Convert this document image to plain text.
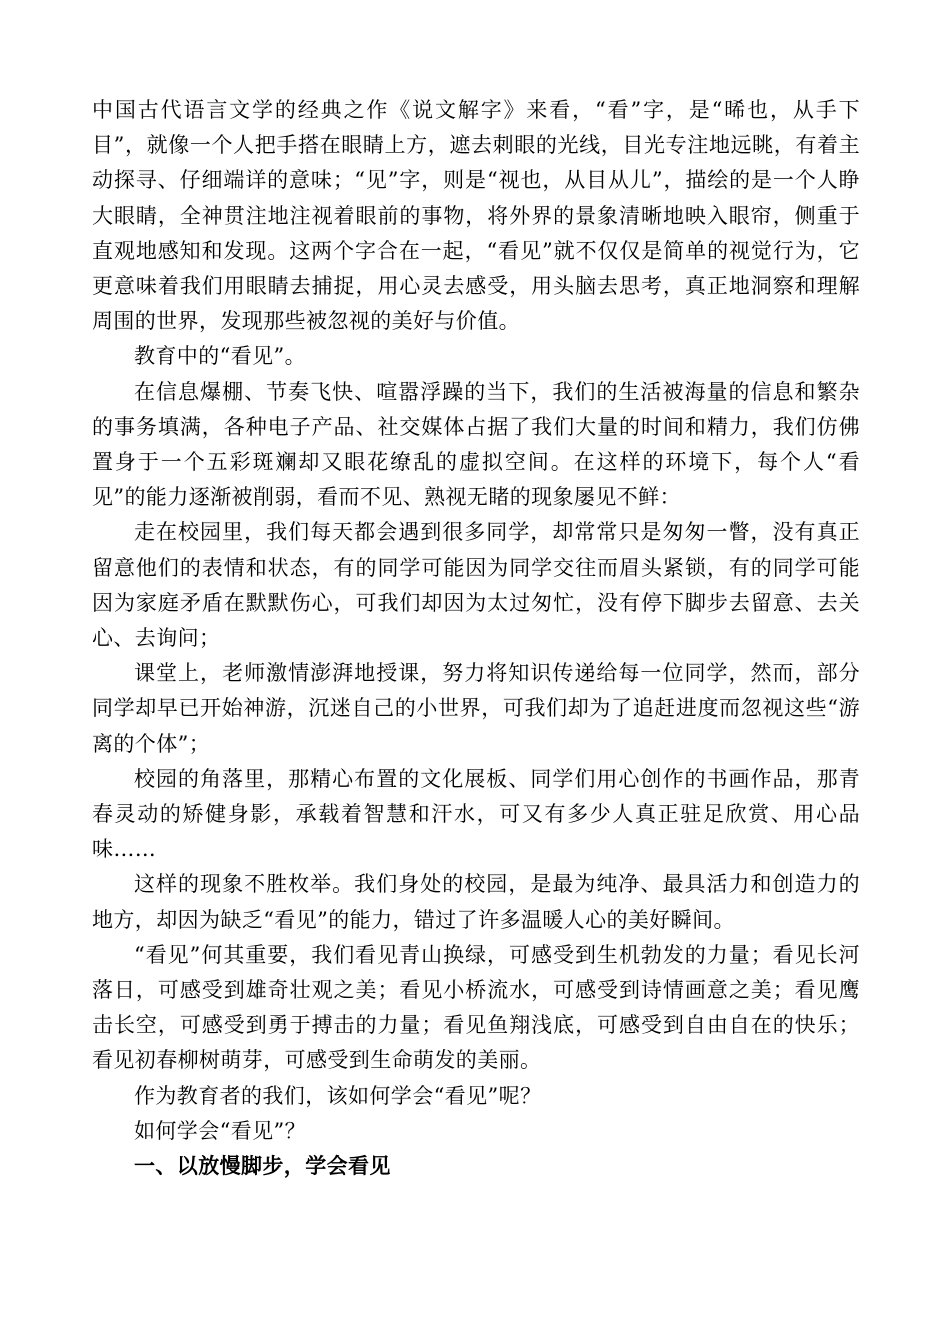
中国古代语言文学的经典之作《说文解字》来看，“看”字，是“晞也，从手下目”，就像一个人把手搭在眼睛上方，遮去刺眼的光线，目光专注地远眺，有着主动探寻、仔细端详的意味；“见”字，则是“视也，从目从儿”，描绘的是一个人睁大眼睛，全神贯注地注视着眼前的事物，将外界的景象清晰地映入眼帘，侧重于直观地感知和发现。这两个字合在一起，“看见”就不仅仅是简单的视觉行为，它更意味着我们用眼睛去捕捉，用心灵去感受，用头脑去思考，真正地洞察和理解周围的世界，发现那些被忽视的美好与价值。

教育中的“看见”。

在信息爆棚、节奏飞快、喧嚣浮躁的当下，我们的生活被海量的信息和繁杂的事务填满，各种电子产品、社交媒体占据了我们大量的时间和精力，我们仿佛置身于一个五彩斑斓却又眼花缭乱的虚拟空间。在这样的环境下，每个人“看见”的能力逐渐被削弱，看而不见、熟视无睹的现象屡见不鲜：

走在校园里，我们每天都会遇到很多同学，却常常只是匆匆一瞥，没有真正留意他们的表情和状态，有的同学可能因为同学交往而眉头紧锁，有的同学可能因为家庭矛盾在默默伤心，可我们却因为太过匆忙，没有停下脚步去留意、去关心、去询问；

课堂上，老师激情澎湃地授课，努力将知识传递给每一位同学，然而，部分同学却早已开始神游，沉迷自己的小世界，可我们却为了追赶进度而忽视这些“游离的个体”；

校园的角落里，那精心布置的文化展板、同学们用心创作的书画作品，那青春灵动的矫健身影，承载着智慧和汗水，可又有多少人真正驻足欣赏、用心品味……

这样的现象不胜枚举。我们身处的校园，是最为纯净、最具活力和创造力的地方，却因为缺乏“看见”的能力，错过了许多温暖人心的美好瞬间。

“看见”何其重要，我们看见青山换绿，可感受到生机勃发的力量；看见长河落日，可感受到雄奇壮观之美；看见小桥流水，可感受到诗情画意之美；看见鹰击长空，可感受到勇于搏击的力量；看见鱼翔浅底，可感受到自由自在的快乐；看见初春柳树萌芽，可感受到生命萌发的美丽。

作为教育者的我们，该如何学会“看见”呢？

如何学会“看见”？

一、以放慢脚步，学会看见
